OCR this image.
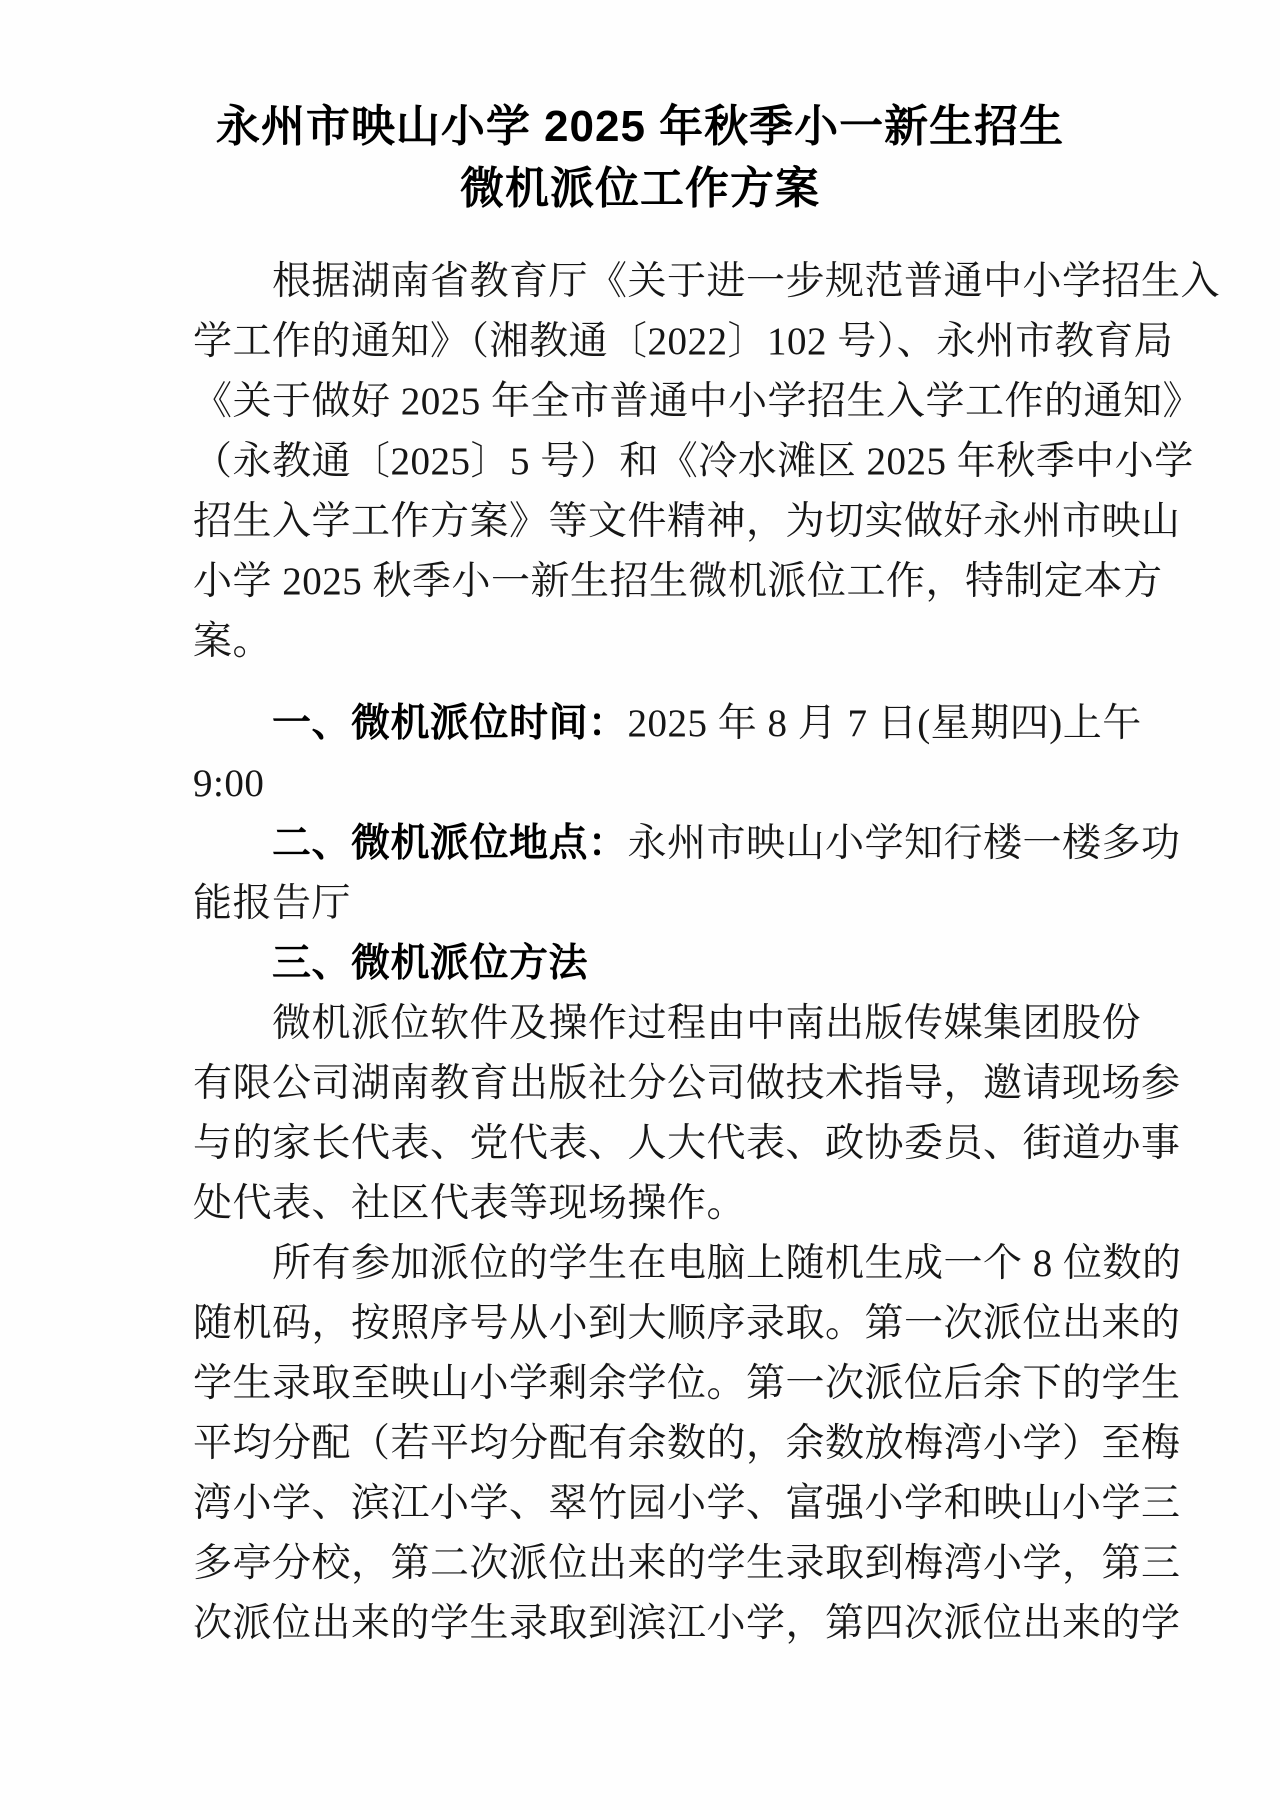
永州市映山小学 2025 年秋季小一新生招生
微机派位工作方案

根据湖南省教育厅《关于进一步规范普通中小学招生入

学工作的通知》（湘教通〔2022〕102 号）、永州市教育局

《关于做好 2025 年全市普通中小学招生入学工作的通知》

（永教通〔2025〕5 号）和《冷水滩区 2025 年秋季中小学

招生入学工作方案》等文件精神，为切实做好永州市映山

小学 2025 秋季小一新生招生微机派位工作，特制定本方

案。

一、微机派位时间：2025 年 8 月 7 日(星期四)上午

9:00

二、微机派位地点：永州市映山小学知行楼一楼多功

能报告厅

三、微机派位方法

微机派位软件及操作过程由中南出版传媒集团股份

有限公司湖南教育出版社分公司做技术指导，邀请现场参

与的家长代表、党代表、人大代表、政协委员、街道办事

处代表、社区代表等现场操作。

所有参加派位的学生在电脑上随机生成一个 8 位数的

随机码，按照序号从小到大顺序录取。第一次派位出来的

学生录取至映山小学剩余学位。第一次派位后余下的学生

平均分配（若平均分配有余数的，余数放梅湾小学）至梅

湾小学、滨江小学、翠竹园小学、富强小学和映山小学三

多亭分校，第二次派位出来的学生录取到梅湾小学，第三

次派位出来的学生录取到滨江小学，第四次派位出来的学
